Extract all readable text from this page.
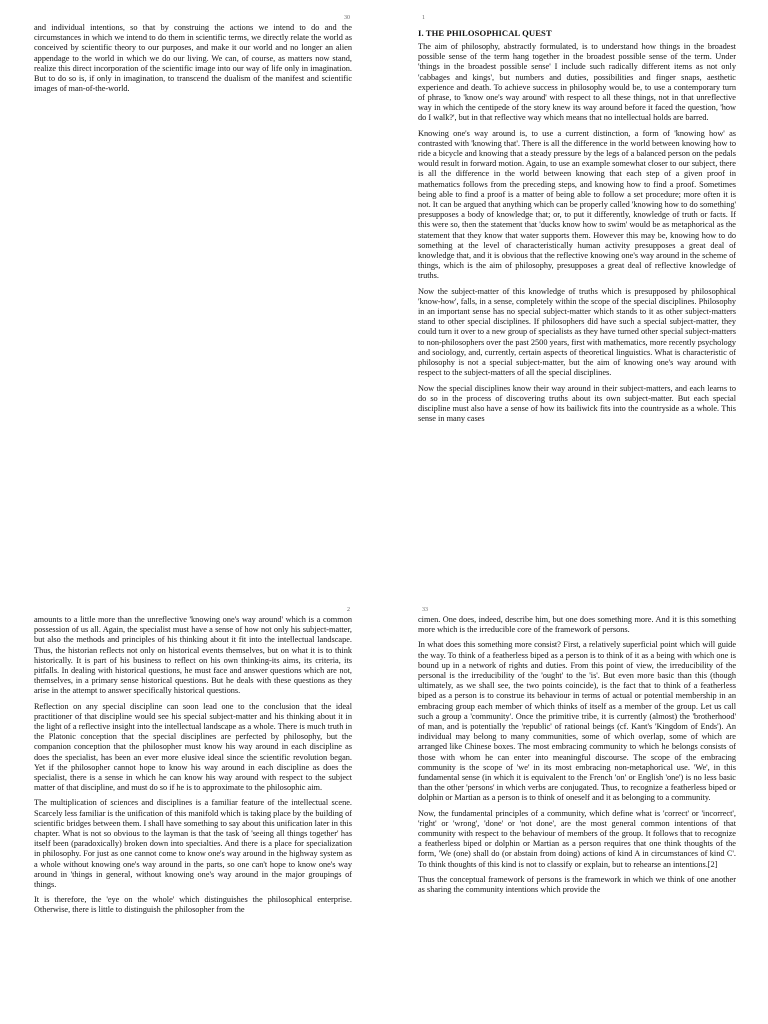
30

and individual intentions, so that by construing the actions we intend to do and the circumstances in which we intend to do them in scientific terms, we directly relate the world as conceived by scientific theory to our purposes, and make it our world and no longer an alien appendage to the world in which we do our living. We can, of course, as matters now stand, realize this direct incorporation of the scientific image into our way of life only in imagination. But to do so is, if only in imagination, to transcend the dualism of the manifest and scientific images of man-of-the-world.

1
I. THE PHILOSOPHICAL QUEST

The aim of philosophy, abstractly formulated, is to understand how things in the broadest possible sense of the term hang together in the broadest possible sense of the term. Under 'things in the broadest possible sense' I include such radically different items as not only 'cabbages and kings', but numbers and duties, possibilities and finger snaps, aesthetic experience and death. To achieve success in philosophy would be, to use a contemporary turn of phrase, to 'know one's way around' with respect to all these things, not in that unreflective way in which the centipede of the story knew its way around before it faced the question, 'how do I walk?', but in that reflective way which means that no intellectual holds are barred.

Knowing one's way around is, to use a current distinction, a form of 'knowing how' as contrasted with 'knowing that'. There is all the difference in the world between knowing how to ride a bicycle and knowing that a steady pressure by the legs of a balanced person on the pedals would result in forward motion. Again, to use an example somewhat closer to our subject, there is all the difference in the world between knowing that each step of a given proof in mathematics follows from the preceding steps, and knowing how to find a proof. Sometimes being able to find a proof is a matter of being able to follow a set procedure; more often it is not. It can be argued that anything which can be properly called 'knowing how to do something' presupposes a body of knowledge that; or, to put it differently, knowledge of truth or facts. If this were so, then the statement that 'ducks know how to swim' would be as metaphorical as the statement that they know that water supports them. However this may be, knowing how to do something at the level of characteristically human activity presupposes a great deal of knowledge that, and it is obvious that the reflective knowing one's way around in the scheme of things, which is the aim of philosophy, presupposes a great deal of reflective knowledge of truths.

Now the subject-matter of this knowledge of truths which is presupposed by philosophical 'know-how', falls, in a sense, completely within the scope of the special disciplines. Philosophy in an important sense has no special subject-matter which stands to it as other subject-matters stand to other special disciplines. If philosophers did have such a special subject-matter, they could turn it over to a new group of specialists as they have turned other special subject-matters to non-philosophers over the past 2500 years, first with mathematics, more recently psychology and sociology, and, currently, certain aspects of theoretical linguistics. What is characteristic of philosophy is not a special subject-matter, but the aim of knowing one's way around with respect to the subject-matters of all the special disciplines.

Now the special disciplines know their way around in their subject-matters, and each learns to do so in the process of discovering truths about its own subject-matter. But each special discipline must also have a sense of how its bailiwick fits into the countryside as a whole. This sense in many cases

2

amounts to a little more than the unreflective 'knowing one's way around' which is a common possession of us all. Again, the specialist must have a sense of how not only his subject-matter, but also the methods and principles of his thinking about it fit into the intellectual landscape. Thus, the historian reflects not only on historical events themselves, but on what it is to think historically. It is part of his business to reflect on his own thinking-its aims, its criteria, its pitfalls. In dealing with historical questions, he must face and answer questions which are not, themselves, in a primary sense historical questions. But he deals with these questions as they arise in the attempt to answer specifically historical questions.

Reflection on any special discipline can soon lead one to the conclusion that the ideal practitioner of that discipline would see his special subject-matter and his thinking about it in the light of a reflective insight into the intellectual landscape as a whole. There is much truth in the Platonic conception that the special disciplines are perfected by philosophy, but the companion conception that the philosopher must know his way around in each discipline as does the specialist, has been an ever more elusive ideal since the scientific revolution began. Yet if the philosopher cannot hope to know his way around in each discipline as does the specialist, there is a sense in which he can know his way around with respect to the subject matter of that discipline, and must do so if he is to approximate to the philosophic aim.

The multiplication of sciences and disciplines is a familiar feature of the intellectual scene. Scarcely less familiar is the unification of this manifold which is taking place by the building of scientific bridges between them. I shall have something to say about this unification later in this chapter. What is not so obvious to the layman is that the task of 'seeing all things together' has itself been (paradoxically) broken down into specialties. And there is a place for specialization in philosophy. For just as one cannot come to know one's way around in the highway system as a whole without knowing one's way around in the parts, so one can't hope to know one's way around in 'things in general, without knowing one's way around in the major groupings of things.

It is therefore, the 'eye on the whole' which distinguishes the philosophical enterprise. Otherwise, there is little to distinguish the philosopher from the

33

cimen. One does, indeed, describe him, but one does something more. And it is this something more which is the irreducible core of the framework of persons.

In what does this something more consist? First, a relatively superficial point which will guide the way. To think of a featherless biped as a person is to think of it as a being with which one is bound up in a network of rights and duties. From this point of view, the irreducibility of the personal is the irreducibility of the 'ought' to the 'is'. But even more basic than this (though ultimately, as we shall see, the two points coincide), is the fact that to think of a featherless biped as a person is to construe its behaviour in terms of actual or potential membership in an embracing group each member of which thinks of itself as a member of the group. Let us call such a group a 'community'. Once the primitive tribe, it is currently (almost) the 'brotherhood' of man, and is potentially the 'republic' of rational beings (cf. Kant's 'Kingdom of Ends'). An individual may belong to many communities, some of which overlap, some of which are arranged like Chinese boxes. The most embracing community to which he belongs consists of those with whom he can enter into meaningful discourse. The scope of the embracing community is the scope of 'we' in its most embracing non-metaphorical use. 'We', in this fundamental sense (in which it is equivalent to the French 'on' or English 'one') is no less basic than the other 'persons' in which verbs are conjugated. Thus, to recognize a featherless biped or dolphin or Martian as a person is to think of oneself and it as belonging to a community.

Now, the fundamental principles of a community, which define what is 'correct' or 'incorrect', 'right' or 'wrong', 'done' or 'not done', are the most general common intentions of that community with respect to the behaviour of members of the group. It follows that to recognize a featherless biped or dolphin or Martian as a person requires that one think thoughts of the form, 'We (one) shall do (or abstain from doing) actions of kind A in circumstances of kind C'. To think thoughts of this kind is not to classify or explain, but to rehearse an intentions.[2]

Thus the conceptual framework of persons is the framework in which we think of one another as sharing the community intentions which provide the
